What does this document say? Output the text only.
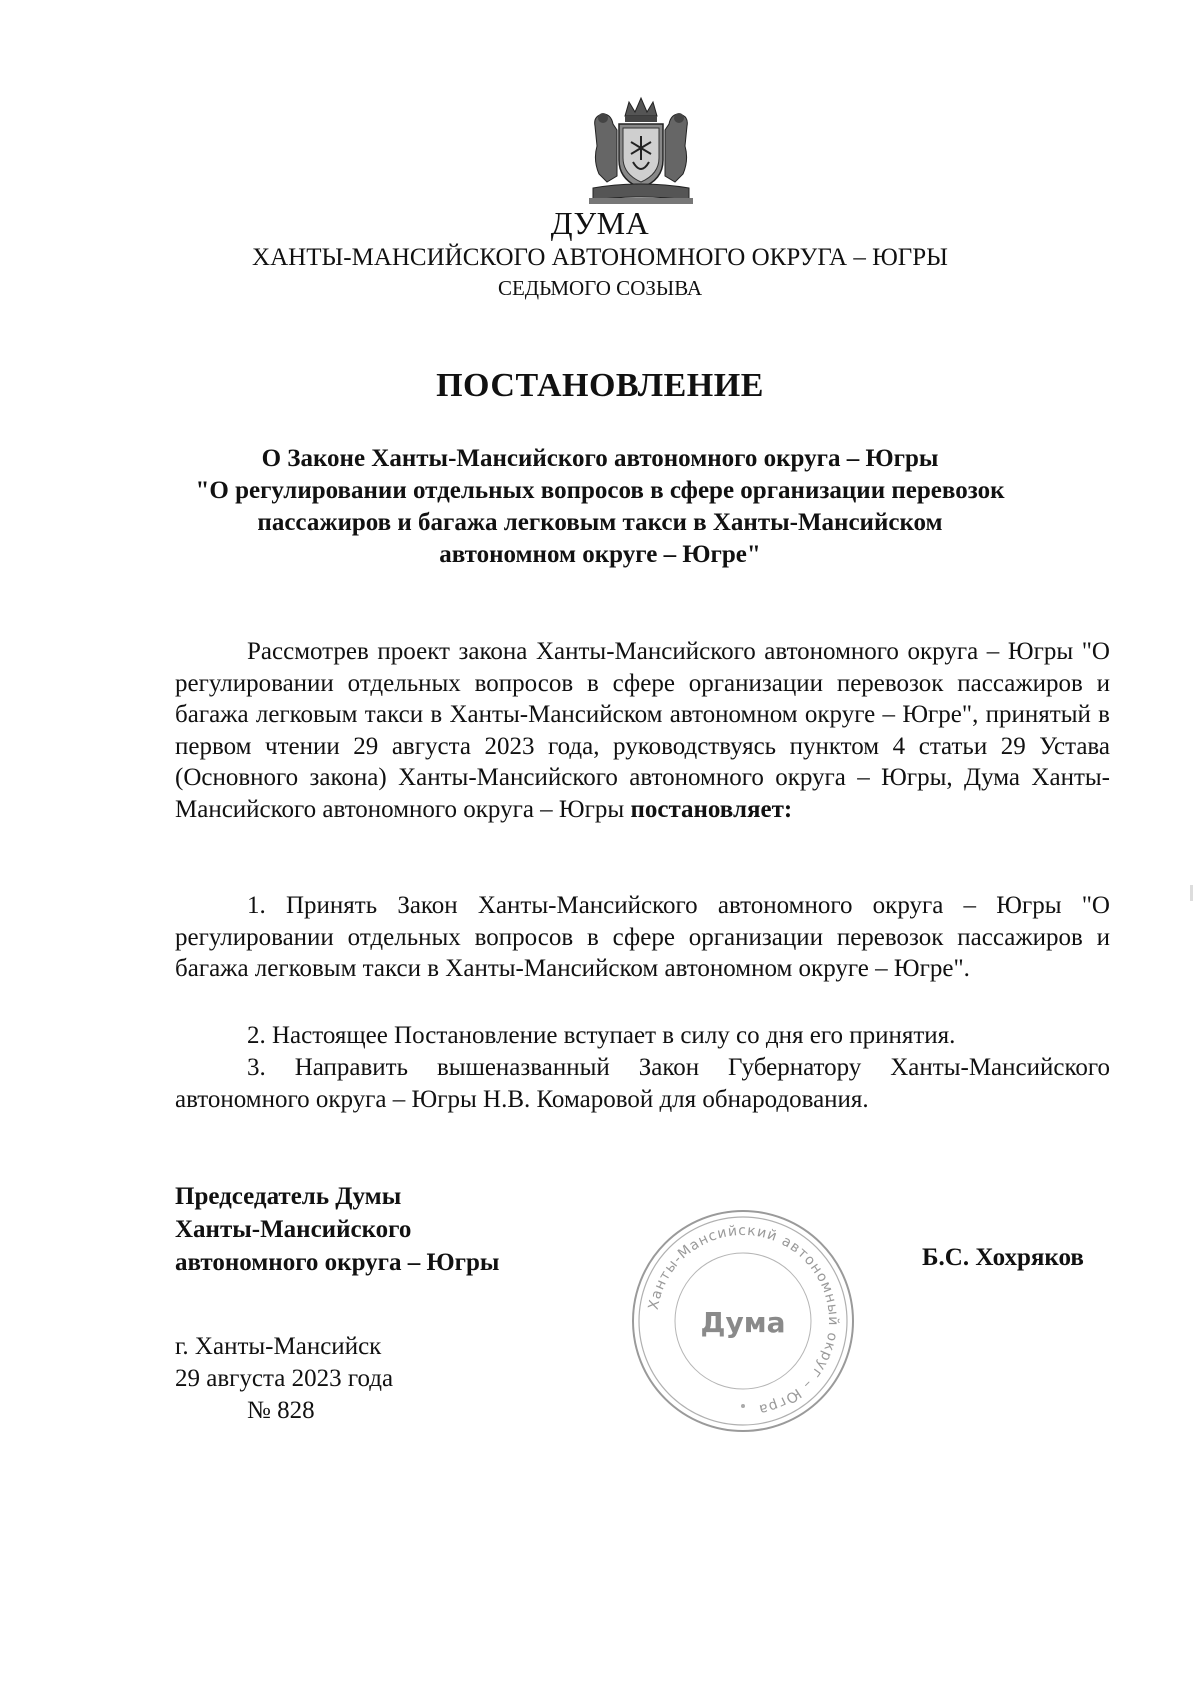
ДУМА
ХАНТЫ-МАНСИЙСКОГО АВТОНОМНОГО ОКРУГА – ЮГРЫ
СЕДЬМОГО СОЗЫВА
ПОСТАНОВЛЕНИЕ
О Законе Ханты-Мансийского автономного округа – Югры
"О регулировании отдельных вопросов в сфере организации перевозок
пассажиров и багажа легковым такси в Ханты-Мансийском
автономном округе – Югре"

Рассмотрев проект закона Ханты-Мансийского автономного округа – Югры "О регулировании отдельных вопросов в сфере организации перевозок пассажиров и багажа легковым такси в Ханты-Мансийском автономном округе – Югре", принятый в первом чтении 29 августа 2023 года, руководствуясь пунктом 4 статьи 29 Устава (Основного закона) Ханты-Мансийского автономного округа – Югры, Дума Ханты-Мансийского автономного округа – Югры постановляет:

1. Принять Закон Ханты-Мансийского автономного округа – Югры "О регулировании отдельных вопросов в сфере организации перевозок пассажиров и багажа легковым такси в Ханты-Мансийском автономном округе – Югре".

2. Настоящее Постановление вступает в силу со дня его принятия.

3. Направить вышеназванный Закон Губернатору Ханты-Мансийского автономного округа – Югры Н.В. Комаровой для обнародования.

Председатель Думы
Ханты-Мансийского
автономного округа – Югры
Ханты-Мансийский автономный округ – Югра
Дума
Б.С. Хохряков
г. Ханты-Мансийск
29 августа 2023 года
№ 828
